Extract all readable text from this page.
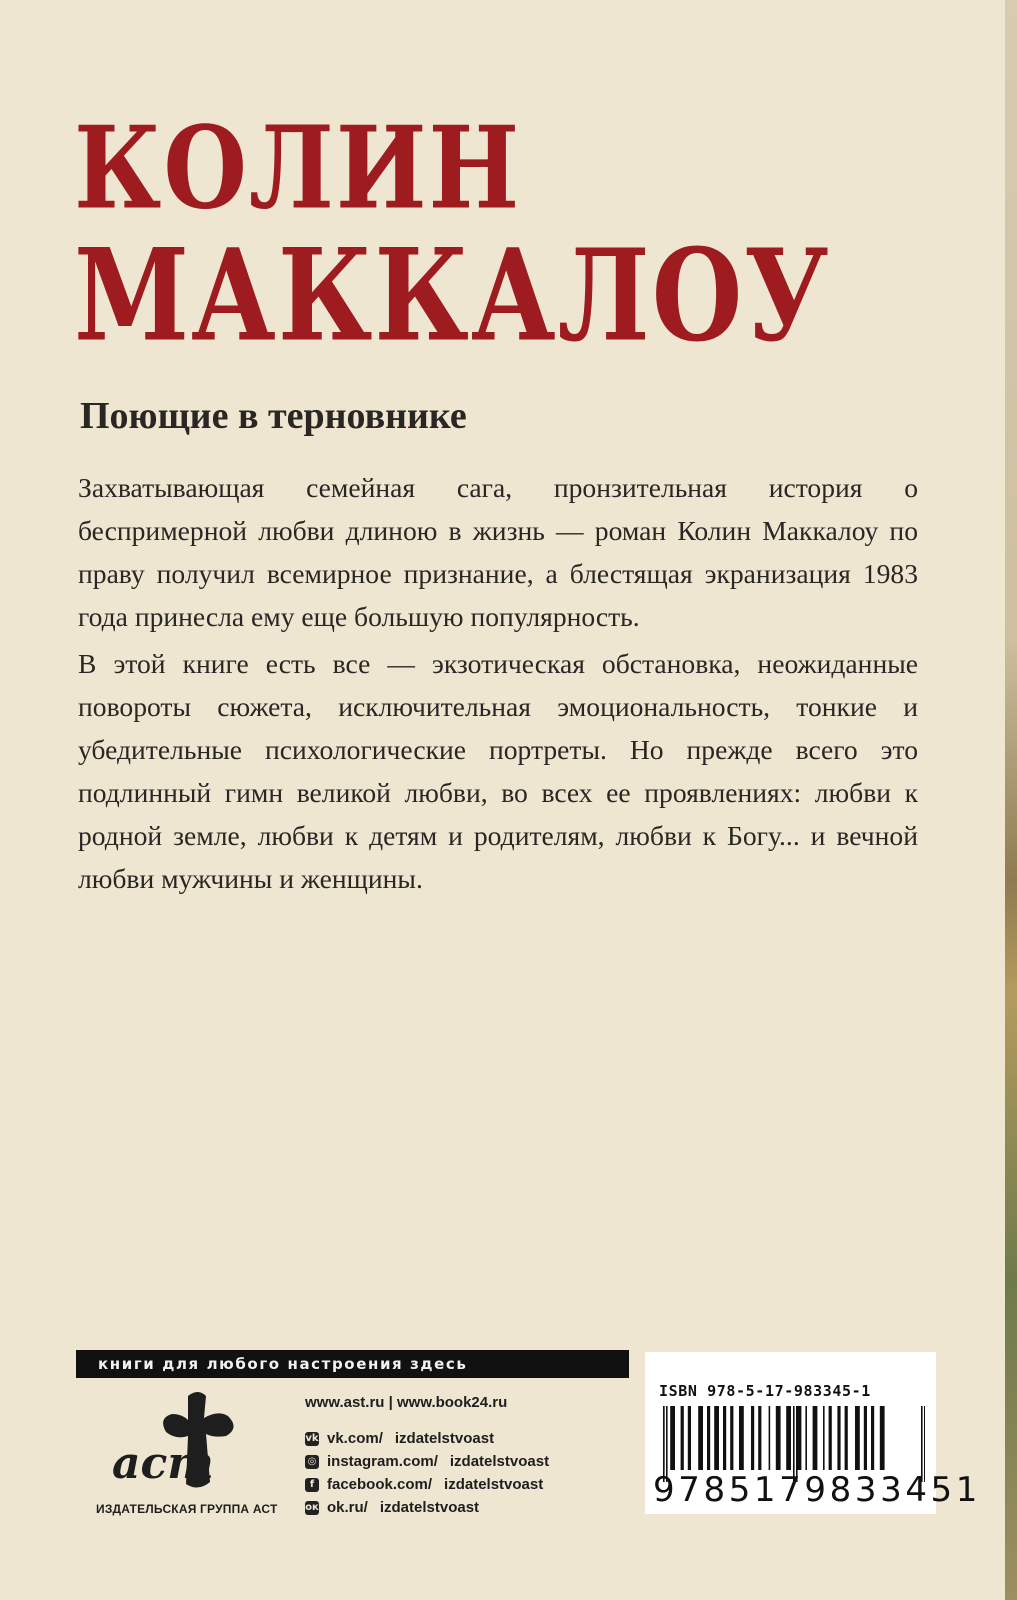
КОЛИН
МАККАЛОУ
Поющие в терновнике

Захватывающая семейная сага, пронзительная история о беспримерной любви длиною в жизнь — роман Колин Маккалоу по праву получил всемирное признание, а блестящая экранизация 1983 года принесла ему еще большую популярность.

В этой книге есть все — экзотическая обстановка, неожиданные повороты сюжета, исключительная эмоциональность, тонкие и убедительные психологические портреты. Но прежде всего это подлинный гимн великой любви, во всех ее проявлениях: любви к родной земле, любви к детям и родителям, любви к Богу... и вечной любви мужчины и женщины.

книги для любого настроения здесь
аст
ИЗДАТЕЛЬСКАЯ ГРУППА АСТ
www.ast.ru | www.book24.ru
vk vk.com/ izdatelstvoast
◎ instagram.com/ izdatelstvoast
f facebook.com/ izdatelstvoast
ок ok.ru/ izdatelstvoast
ISBN 978-5-17-983345-1
9785179833451
